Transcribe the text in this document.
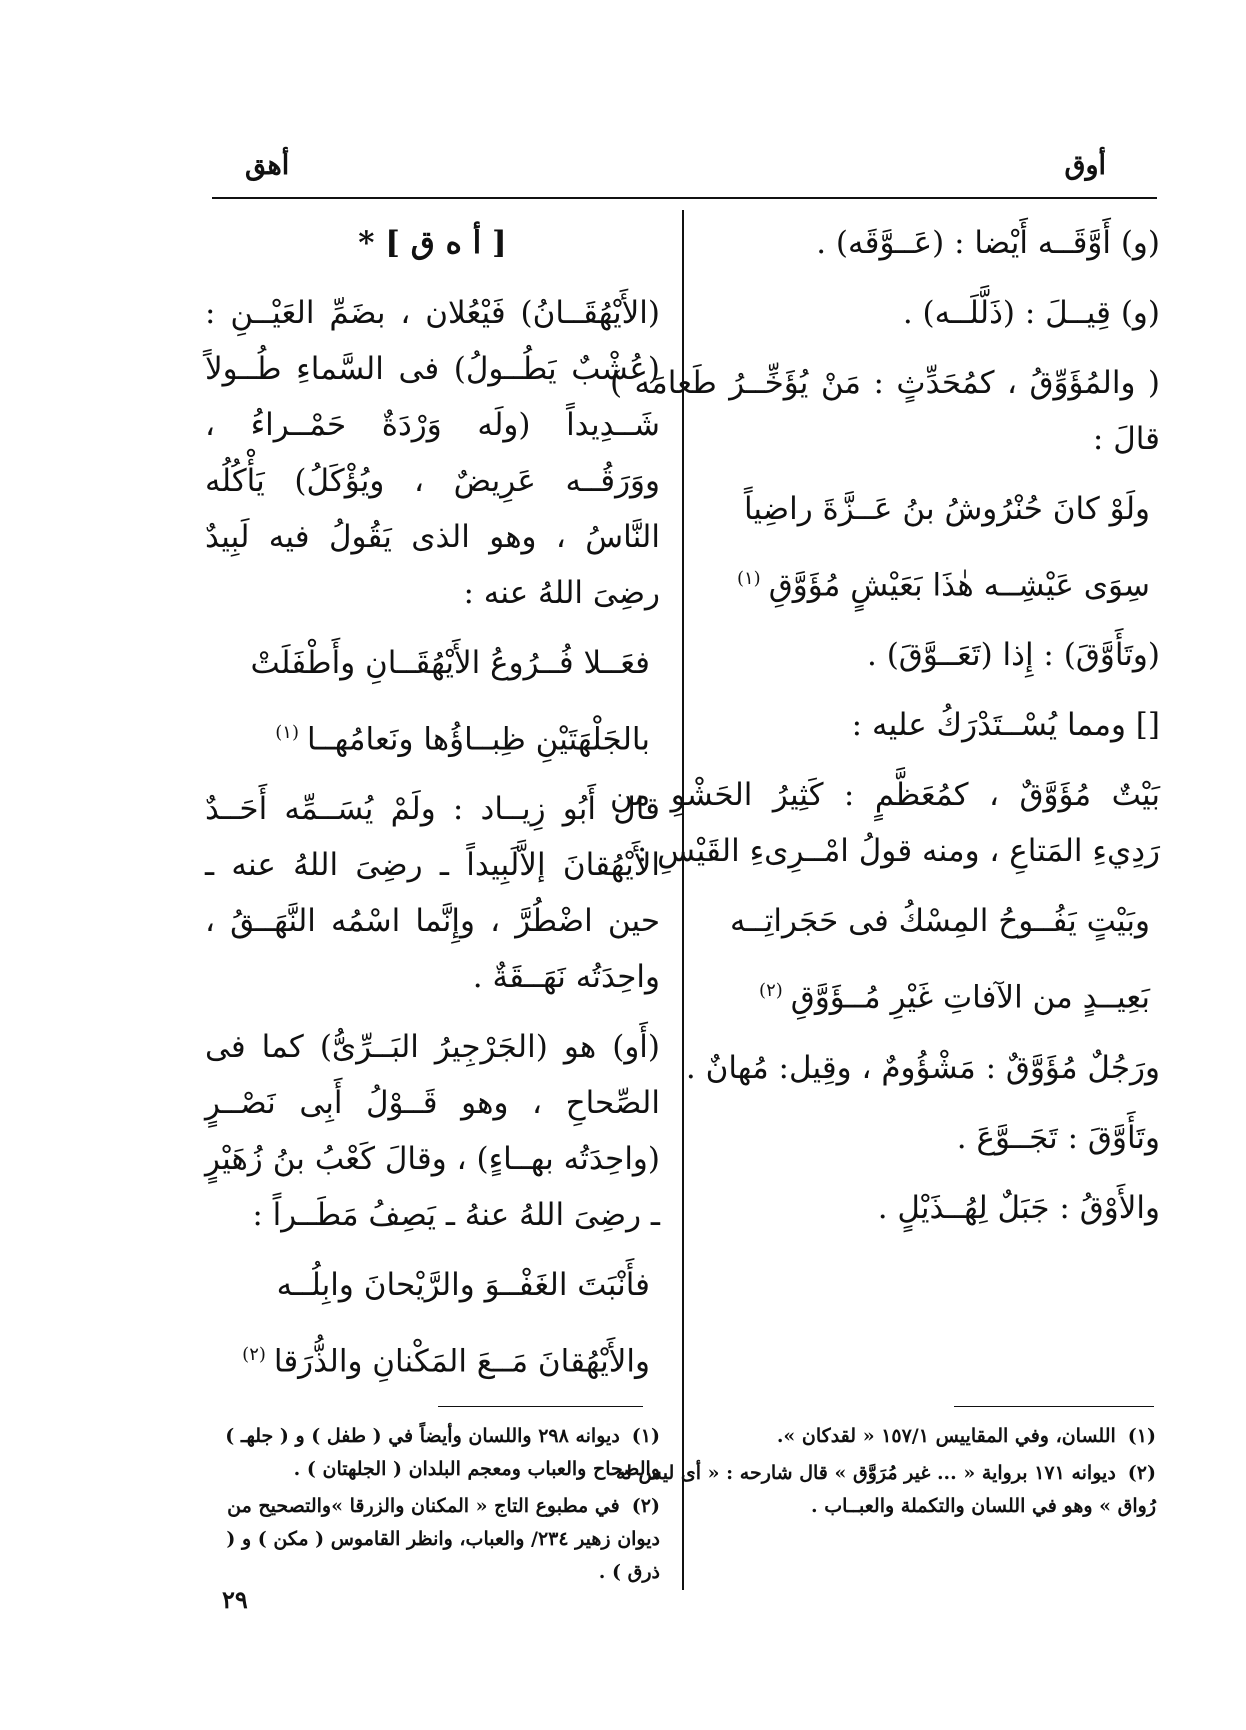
أوق
أهق

(و) أَوَّقَــه أَيْضا : (عَــوَّقَه) .

(و) قِيــلَ : (ذَلَّلَــه) .

( والمُؤَوِّقُ ، كمُحَدِّثٍ : مَنْ يُؤَخِّــرُ طَعامَه ) قالَ :

ولَوْ كانَ حُنْرُوشُ بنُ عَــزَّةَ راضِياً

سِوَى عَيْشِــه هٰذَا بَعَيْشٍ مُؤَوَّقِ$^{(١)}$

(وتَأَوَّقَ) : إِذا (تَعَــوَّقَ) .

[] ومما يُسْــتَدْرَكُ عليه :

بَيْتٌ مُؤَوَّقٌ ، كمُعَظَّمٍ : كَثِيرُ الحَشْوِ من رَدِيءِ المَتاعِ ، ومنه قولُ امْــرِىءِ القَيْسِ :

وبَيْتٍ يَفُــوحُ المِسْكُ فى حَجَراتِــه

بَعِيــدٍ من الآفاتِ غَيْرِ مُــؤَوَّقِ$^{(٢)}$

ورَجُلٌ مُؤَوَّقٌ : مَشْؤُومٌ ، وقِيل: مُهانٌ .

وتَأَوَّقَ : تَجَــوَّعَ .

والأَوْقُ : جَبَلٌ لِهُــذَيْلٍ .

[ أ ه ق ] *

(الأَيْهُقَــانُ) فَيْعُلان ، بضَمِّ العَيْــنِ : (عُشْبٌ يَطُــولُ) فى السَّماءِ طُــولاً شَــدِيداً (ولَه وَرْدَةٌ حَمْــراءُ ، ووَرَقُــه عَرِيضٌ ، ويُؤْكَلُ) يَأْكُلُه النَّاسُ ، وهو الذى يَقُولُ فيه لَبِيدٌ رضِىَ اللهُ عنه :

فعَــلا فُــرُوعُ الأَيْهُقَــانِ وأَطْفَلَتْ

بالجَلْهَتَيْنِ ظِبــاؤُها ونَعامُهــا$^{(١)}$

قال أَبُو زِيــاد : ولَمْ يُسَــمِّه أَحَــدٌ الأَيْهُقانَ إلاَّلَبِيداً ـ رضِىَ اللهُ عنه ـ حين اضْطُرَّ ، وإِنَّما اسْمُه النَّهَــقُ ، واحِدَتُه نَهَــقَةٌ .

(أَو) هو (الجَرْجِيرُ البَــرِّىُّ) كما فى الصِّحاحِ ، وهو قَــوْلُ أَبِى نَصْــرٍ (واحِدَتُه بهــاءٍ) ، وقالَ كَعْبُ بنُ زُهَيْرٍ ـ رضِىَ اللهُ عنهُ ـ يَصِفُ مَطَــراً :

فأَنْبَتَ الغَفْــوَ والرَّيْحانَ وابِلُــه

والأَيْهُقانَ مَــعَ المَكْنانِ والذُّرَقا$^{(٢)}$

(١)اللسان، وفي المقاييس ١٥٧/١ « لقدكان ».

(٢)ديوانه ١٧١ برواية « ... غير مُرَوَّق » قال شارحه : « أى ليس له رُواق » وهو في اللسان والتكملة والعبــاب .

(١)ديوانه ٢٩٨ واللسان وأيضاً في ( طفل ) و ( جلهـ ) والصحاح والعباب ومعجم البلدان ( الجلهتان ) .

(٢)في مطبوع التاج « المكنان والزرقا »والتصحيح من ديوان زهير ٢٣٤/ والعباب، وانظر القاموس ( مكن ) و ( ذرق ) .

٢٩
